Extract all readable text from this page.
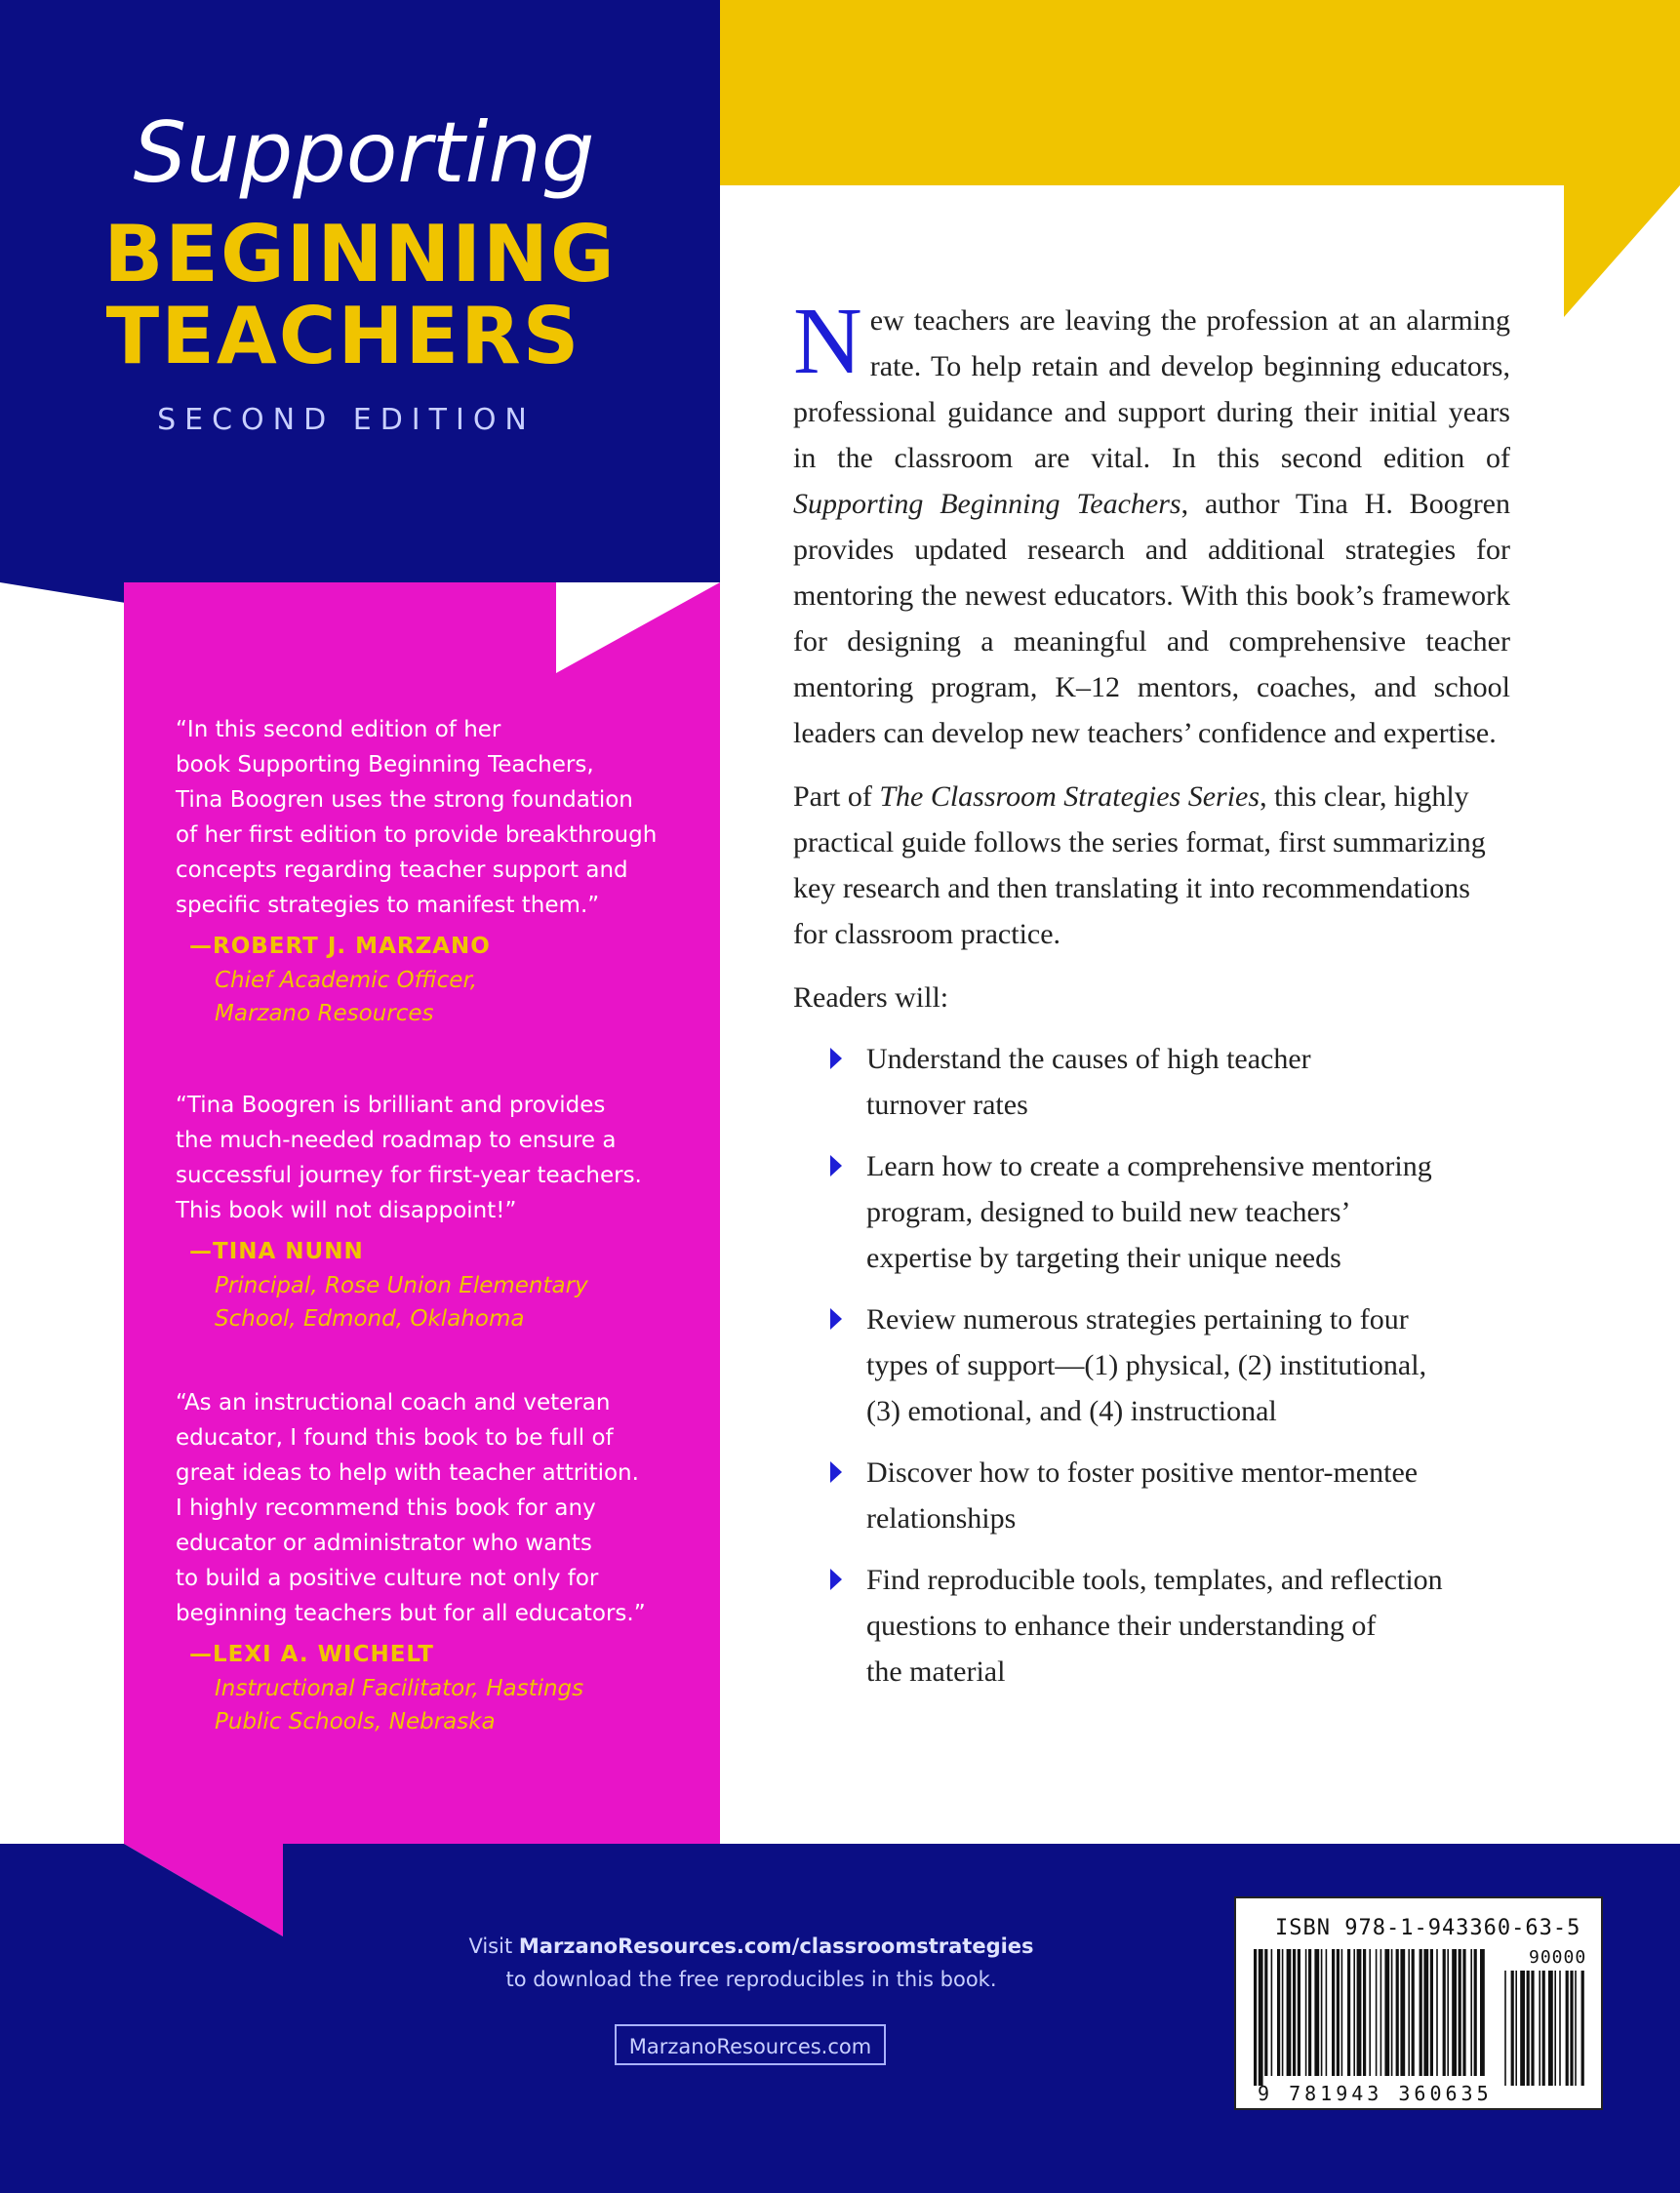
Supporting
BEGINNING
TEACHERS
SECOND EDITION
“In this second edition of her
book Supporting Beginning Teachers,
Tina Boogren uses the strong foundation
of her first edition to provide breakthrough
concepts regarding teacher support and
specific strategies to manifest them.”
—ROBERT J. MARZANO
Chief Academic Officer,
Marzano Resources
“Tina Boogren is brilliant and provides
the much-needed roadmap to ensure a
successful journey for first-year teachers.
This book will not disappoint!”
—TINA NUNN
Principal, Rose Union Elementary
School, Edmond, Oklahoma
“As an instructional coach and veteran
educator, I found this book to be full of
great ideas to help with teacher attrition.
I highly recommend this book for any
educator or administrator who wants
to build a positive culture not only for
beginning teachers but for all educators.”
—LEXI A. WICHELT
Instructional Facilitator, Hastings
Public Schools, Nebraska

New teachers are leaving the profession at an alarming rate. To help retain and develop beginning educators, professional guidance and support during their initial years in the classroom are vital. In this second edition of Supporting Beginning Teachers, author Tina H. Boogren provides updated research and additional strategies for mentoring the newest educators. With this book’s framework for designing a meaningful and comprehensive teacher mentoring program, K–12 mentors, coaches, and school leaders can develop new teachers’ confidence and expertise.

Part of The Classroom Strategies Series, this clear, highly practical guide follows the series format, first summarizing key research and then translating it into recommendations for classroom practice.

Readers will:

Understand the causes of high teacher
turnover rates
Learn how to create a comprehensive mentoring
program, designed to build new teachers’
expertise by targeting their unique needs
Review numerous strategies pertaining to four
types of support—(1) physical, (2) institutional,
(3) emotional, and (4) instructional
Discover how to foster positive mentor-mentee
relationships
Find reproducible tools, templates, and reflection
questions to enhance their understanding of
the material
Visit MarzanoResources.com/classroomstrategies
to download the free reproducibles in this book.
MarzanoResources.com
ISBN 978-1-943360-63-5
90000
9 781943 360635
